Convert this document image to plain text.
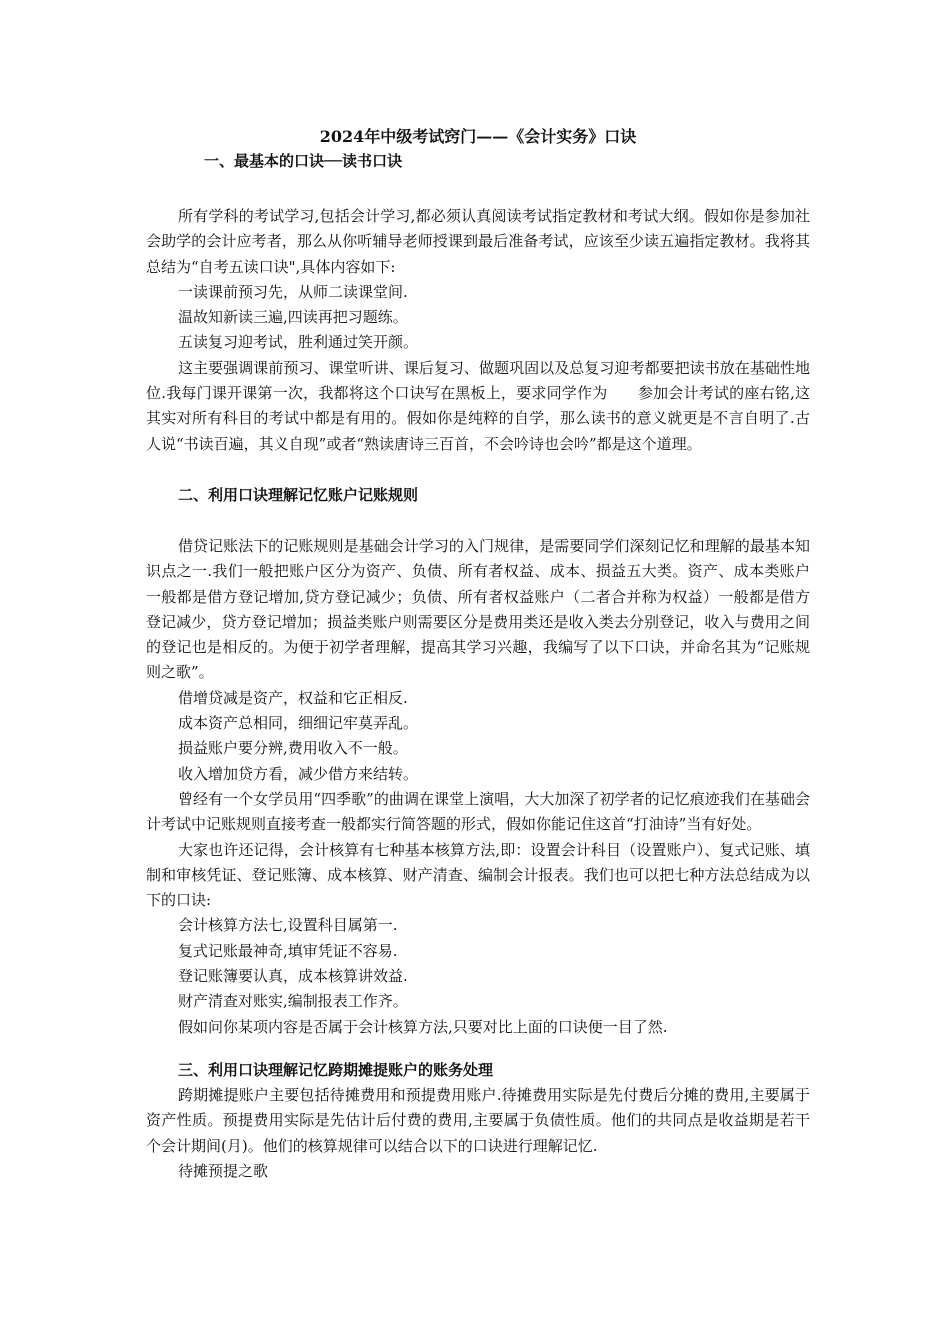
2024年中级考试窍门——《会计实务》口诀
一、最基本的口诀──读书口诀

所有学科的考试学习,包括会计学习,都必须认真阅读考试指定教材和考试大纲。假如你是参加社会助学的会计应考者，那么从你听辅导老师授课到最后准备考试，应该至少读五遍指定教材。我将其总结为“自考五读口诀",具体内容如下:

一读课前预习先，从师二读课堂间.

温故知新读三遍,四读再把习题练。

五读复习迎考试，胜利通过笑开颜。

这主要强调课前预习、课堂听讲、课后复习、做题巩固以及总复习迎考都要把读书放在基础性地位.我每门课开课第一次，我都将这个口诀写在黑板上，要求同学作为　　参加会计考试的座右铭,这其实对所有科目的考试中都是有用的。假如你是纯粹的自学，那么读书的意义就更是不言自明了.古人说“书读百遍，其义自现”或者“熟读唐诗三百首，不会吟诗也会吟”都是这个道理。

二、利用口诀理解记忆账户记账规则

借贷记账法下的记账规则是基础会计学习的入门规律，是需要同学们深刻记忆和理解的最基本知识点之一.我们一般把账户区分为资产、负债、所有者权益、成本、损益五大类。资产、成本类账户一般都是借方登记增加,贷方登记减少；负债、所有者权益账户（二者合并称为权益）一般都是借方登记减少，贷方登记增加；损益类账户则需要区分是费用类还是收入类去分别登记，收入与费用之间的登记也是相反的。为便于初学者理解，提高其学习兴趣，我编写了以下口诀，并命名其为“记账规则之歌”。

借增贷减是资产，权益和它正相反.

成本资产总相同，细细记牢莫弄乱。

损益账户要分辨,费用收入不一般。

收入增加贷方看，减少借方来结转。

曾经有一个女学员用“四季歌”的曲调在课堂上演唱，大大加深了初学者的记忆痕迹我们在基础会计考试中记账规则直接考查一般都实行简答题的形式，假如你能记住这首“打油诗”当有好处。

大家也许还记得，会计核算有七种基本核算方法,即：设置会计科目（设置账户）、复式记账、填制和审核凭证、登记账簿、成本核算、财产清查、编制会计报表。我们也可以把七种方法总结成为以下的口诀:

会计核算方法七,设置科目属第一.

复式记账最神奇,填审凭证不容易.

登记账簿要认真，成本核算讲效益.

财产清查对账实,编制报表工作齐。

假如问你某项内容是否属于会计核算方法,只要对比上面的口诀便一目了然.

三、利用口诀理解记忆跨期摊提账户的账务处理

跨期摊提账户主要包括待摊费用和预提费用账户.待摊费用实际是先付费后分摊的费用,主要属于资产性质。预提费用实际是先估计后付费的费用,主要属于负债性质。他们的共同点是收益期是若干个会计期间(月)。他们的核算规律可以结合以下的口诀进行理解记忆.

待摊预提之歌
